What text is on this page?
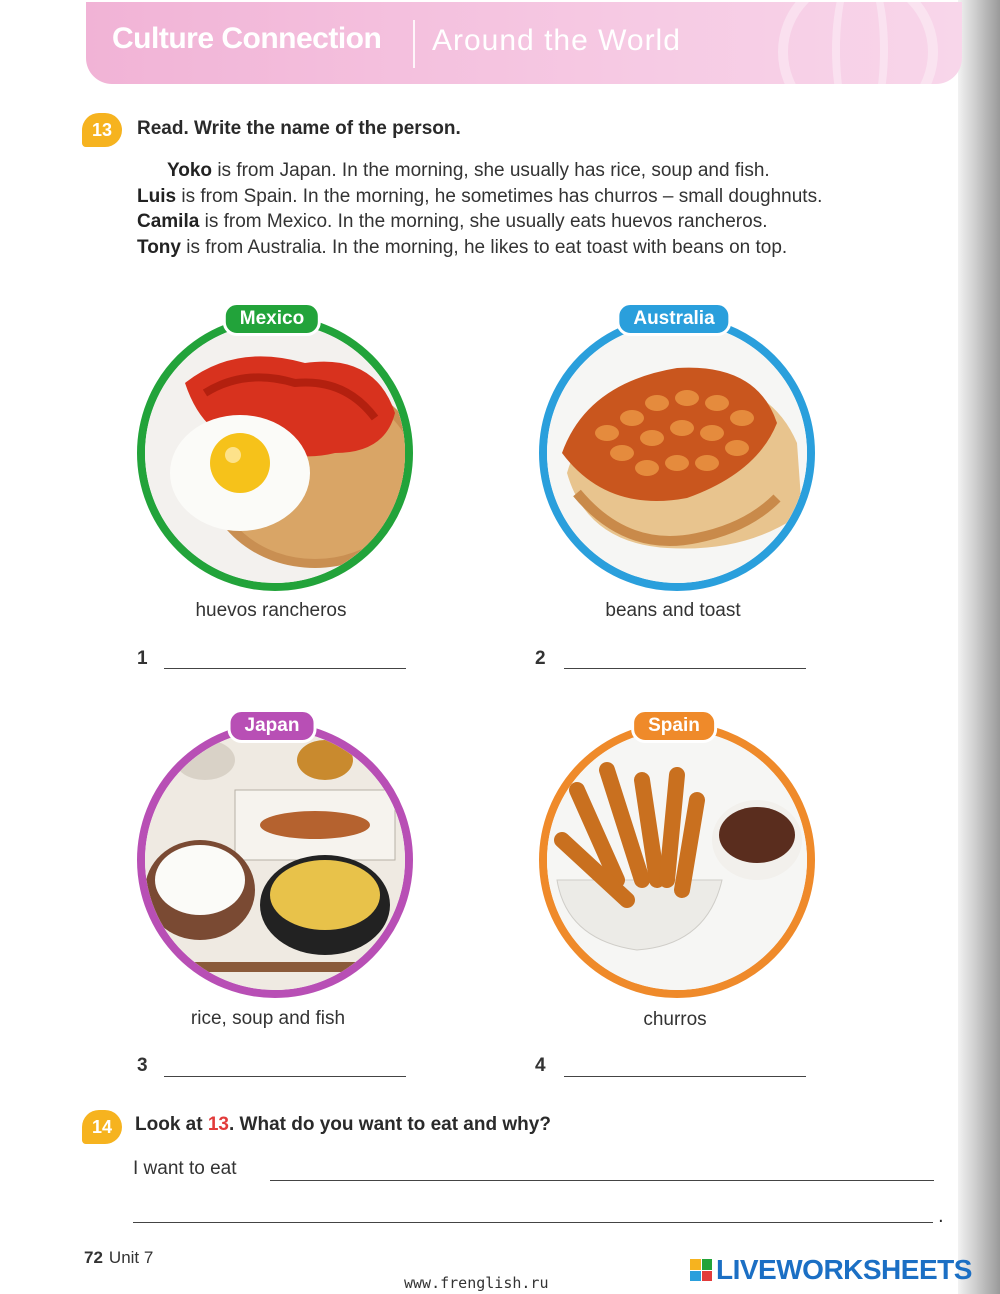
Culture Connection Around the World
13	Read. Write the name of the person.

Yoko is from Japan. In the morning, she usually has rice, soup and fish.

Luis is from Spain. In the morning, he sometimes has churros – small doughnuts.

Camila is from Mexico. In the morning, she usually eats huevos rancheros.

Tony is from Australia. In the morning, he likes to eat toast with beans on top.

Mexico
huevos rancheros
1
Australia
beans and toast
2
Japan
rice, soup and fish
3
Spain
churros
4
14	Look at 13. What do you want to eat and why?
I want to eat
.
72 Unit 7
www.frenglish.ru	LIVEWORKSHEETS
